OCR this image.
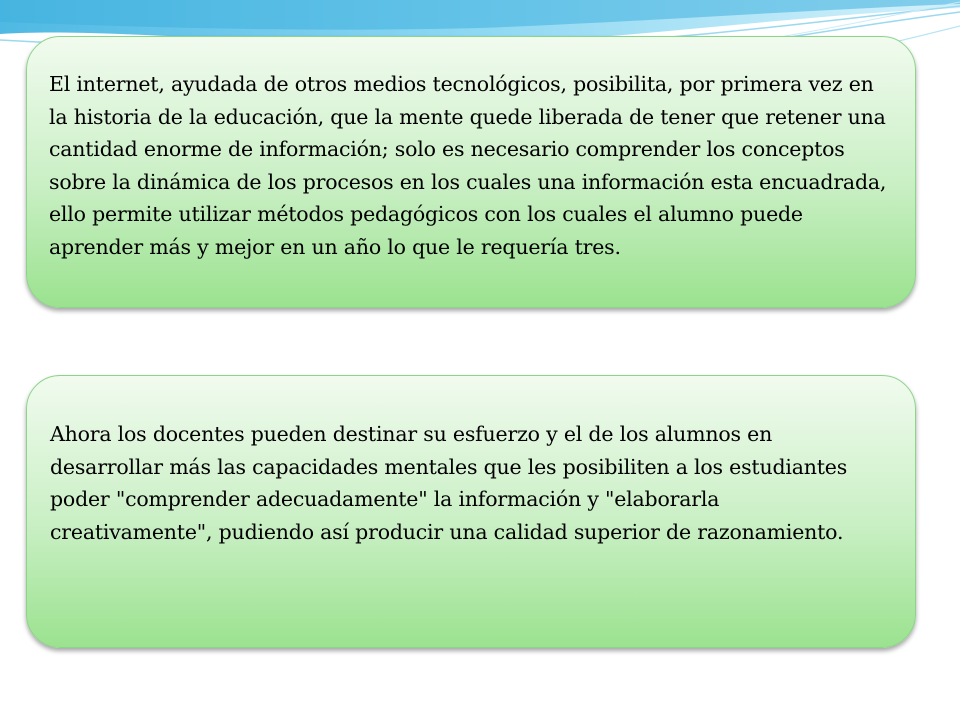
El internet, ayudada de otros medios tecnológicos, posibilita, por primera vez en la historia de la educación, que la mente quede liberada de tener que retener una cantidad enorme de información; solo es necesario comprender los conceptos sobre la dinámica de los procesos en los cuales una información esta encuadrada, ello permite utilizar métodos pedagógicos con los cuales el alumno puede aprender más y mejor en un año lo que le requería tres.

Ahora los docentes pueden destinar su esfuerzo y el de los alumnos en desarrollar más las capacidades mentales que les posibiliten a los estudiantes poder "comprender adecuadamente" la información y "elaborarla creativamente", pudiendo así producir una calidad superior de razonamiento.
